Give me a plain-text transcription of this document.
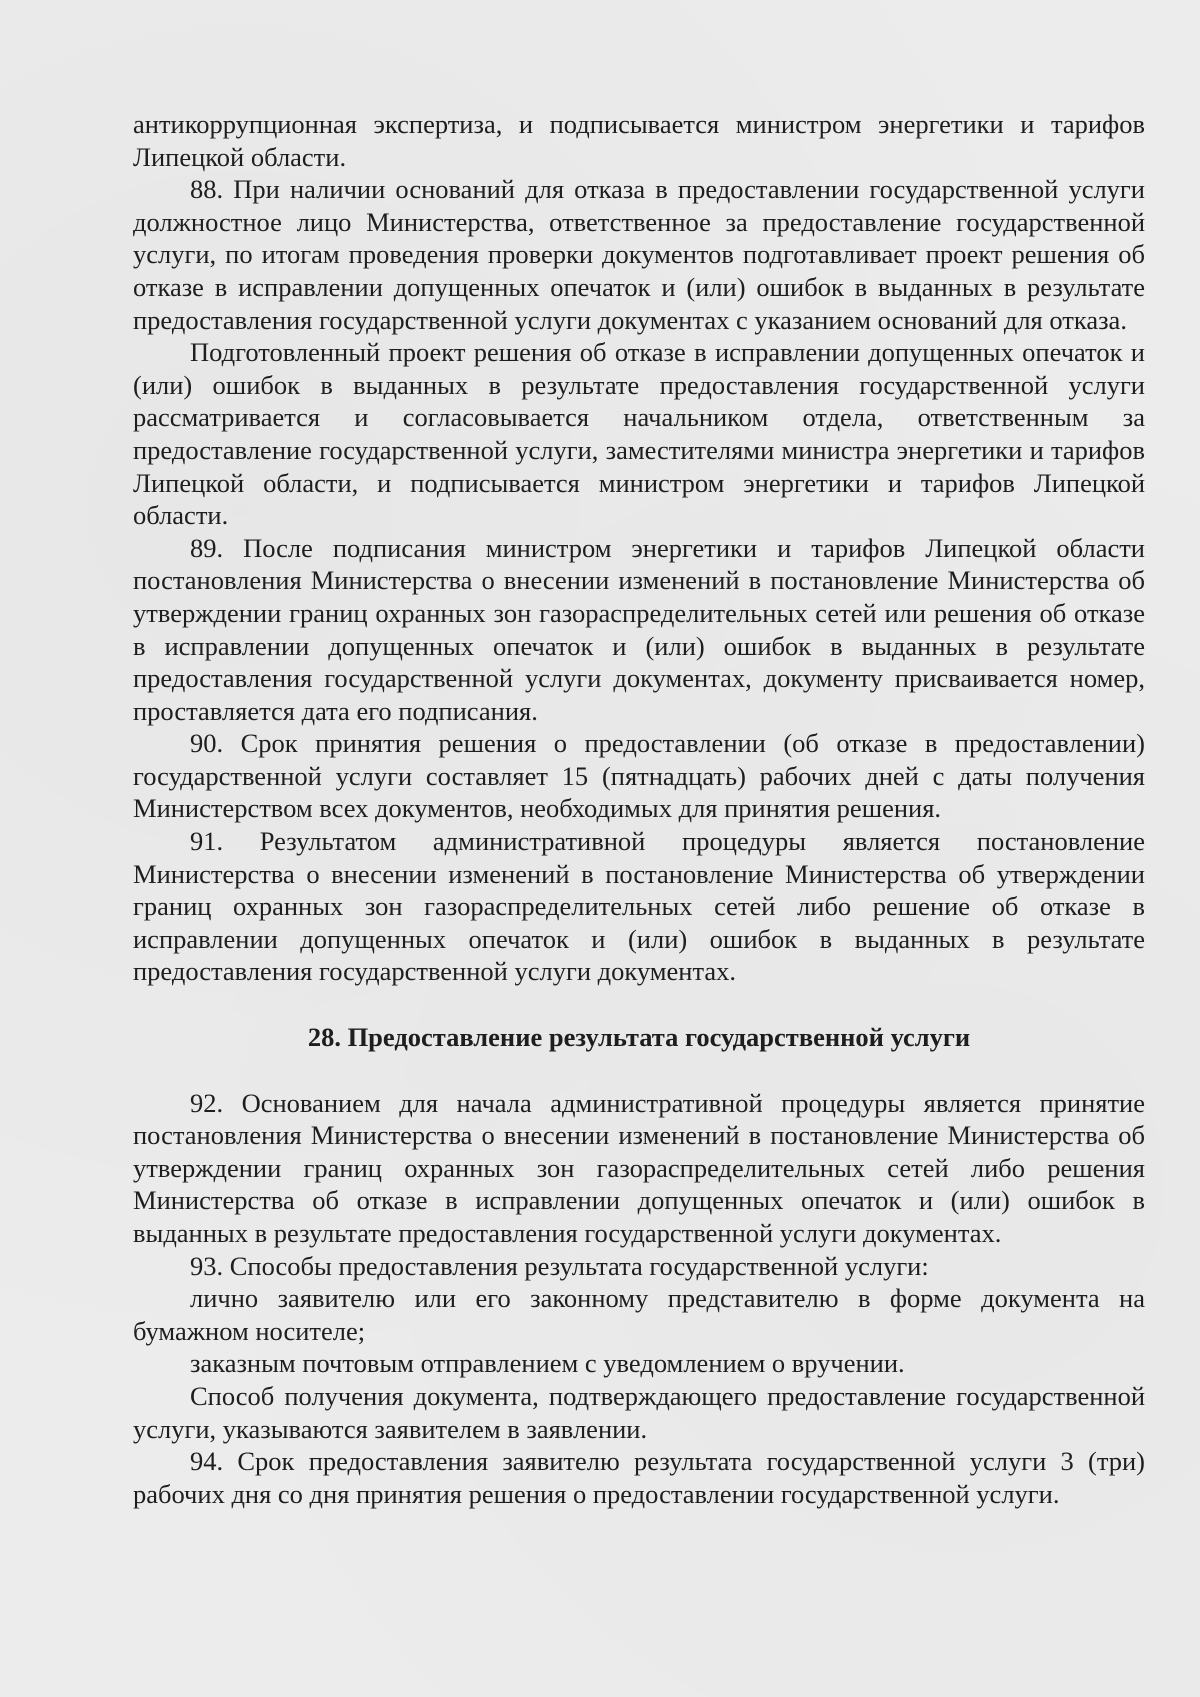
антикоррупционная экспертиза, и подписывается министром энергетики и тарифов Липецкой области.

88. При наличии оснований для отказа в предоставлении государственной услуги должностное лицо Министерства, ответственное за предоставление государственной услуги, по итогам проведения проверки документов подготавливает проект решения об отказе в исправлении допущенных опечаток и (или) ошибок в выданных в результате предоставления государственной услуги документах с указанием оснований для отказа.

Подготовленный проект решения об отказе в исправлении допущенных опечаток и (или) ошибок в выданных в результате предоставления государственной услуги рассматривается и согласовывается начальником отдела, ответственным за предоставление государственной услуги, заместителями министра энергетики и тарифов Липецкой области, и подписывается министром энергетики и тарифов Липецкой области.

89. После подписания министром энергетики и тарифов Липецкой области постановления Министерства о внесении изменений в постановление Министерства об утверждении границ охранных зон газораспределительных сетей или решения об отказе в исправлении допущенных опечаток и (или) ошибок в выданных в результате предоставления государственной услуги документах, документу присваивается номер, проставляется дата его подписания.

90. Срок принятия решения о предоставлении (об отказе в предоставлении) государственной услуги составляет 15 (пятнадцать) рабочих дней с даты получения Министерством всех документов, необходимых для принятия решения.

91. Результатом административной процедуры является постановление Министерства о внесении изменений в постановление Министерства об утверждении границ охранных зон газораспределительных сетей либо решение об отказе в исправлении допущенных опечаток и (или) ошибок в выданных в результате предоставления государственной услуги документах.

28. Предоставление результата государственной услуги

92. Основанием для начала административной процедуры является принятие постановления Министерства о внесении изменений в постановление Министерства об утверждении границ охранных зон газораспределительных сетей либо решения Министерства об отказе в исправлении допущенных опечаток и (или) ошибок в выданных в результате предоставления государственной услуги документах.

93. Способы предоставления результата государственной услуги:

лично заявителю или его законному представителю в форме документа на бумажном носителе;

заказным почтовым отправлением с уведомлением о вручении.

Способ получения документа, подтверждающего предоставление государственной услуги, указываются заявителем в заявлении.

94. Срок предоставления заявителю результата государственной услуги 3 (три) рабочих дня со дня принятия решения о предоставлении государственной услуги.
